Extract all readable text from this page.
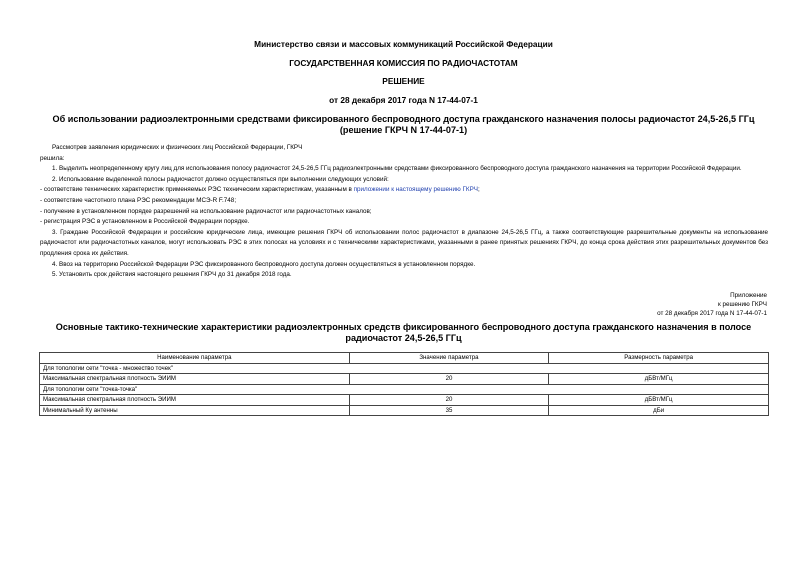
Министерство связи и массовых коммуникаций Российской Федерации
ГОСУДАРСТВЕННАЯ КОМИССИЯ ПО РАДИОЧАСТОТАМ
РЕШЕНИЕ
от 28 декабря 2017 года N 17-44-07-1
Об использовании радиоэлектронными средствами фиксированного беспроводного доступа гражданского назначения полосы радиочастот 24,5-26,5 ГГц (решение ГКРЧ N 17-44-07-1)

Рассмотрев заявления юридических и физических лиц Российской Федерации, ГКРЧ

решила:

1. Выделить неопределенному кругу лиц для использования полосу радиочастот 24,5-26,5 ГГц радиоэлектронными средствами фиксированного беспроводного доступа гражданского назначения на территории Российской Федерации.

2. Использование выделенной полосы радиочастот должно осуществляться при выполнении следующих условий:

- соответствие технических характеристик применяемых РЭС техническим характеристикам, указанным в приложении к настоящему решению ГКРЧ;

- соответствие частотного плана РЭС рекомендации МСЭ-R F.748;

- получение в установленном порядке разрешений на использование радиочастот или радиочастотных каналов;

- регистрация РЭС в установленном в Российской Федерации порядке.

3. Граждане Российской Федерации и российские юридические лица, имеющие решения ГКРЧ об использовании полос радиочастот в диапазоне 24,5-26,5 ГГц, а также соответствующие разрешительные документы на использование радиочастот или радиочастотных каналов, могут использовать РЭС в этих полосах на условиях и с техническими характеристиками, указанными в ранее принятых решениях ГКРЧ, до конца срока действия этих разрешительных документов без продления срока их действия.

4. Ввоз на территорию Российской Федерации РЭС фиксированного беспроводного доступа должен осуществляться в установленном порядке.

5. Установить срок действия настоящего решения ГКРЧ до 31 декабря 2018 года.

Приложение
к решению ГКРЧ
от 28 декабря 2017 года N 17-44-07-1
Основные тактико-технические характеристики радиоэлектронных средств фиксированного беспроводного доступа гражданского назначения в полосе радиочастот 24,5-26,5 ГГц
Наименование параметра	Значение параметра	Размерность параметра
Для топологии сети "точка - множество точек"		
Максимальная спектральная плотность ЭИИМ	20	дБВт/МГц
Для топологии сети "точка-точка"		
Максимальная спектральная плотность ЭИИМ	20	дБВт/МГц
Минимальный Ку антенны	35	дБи
